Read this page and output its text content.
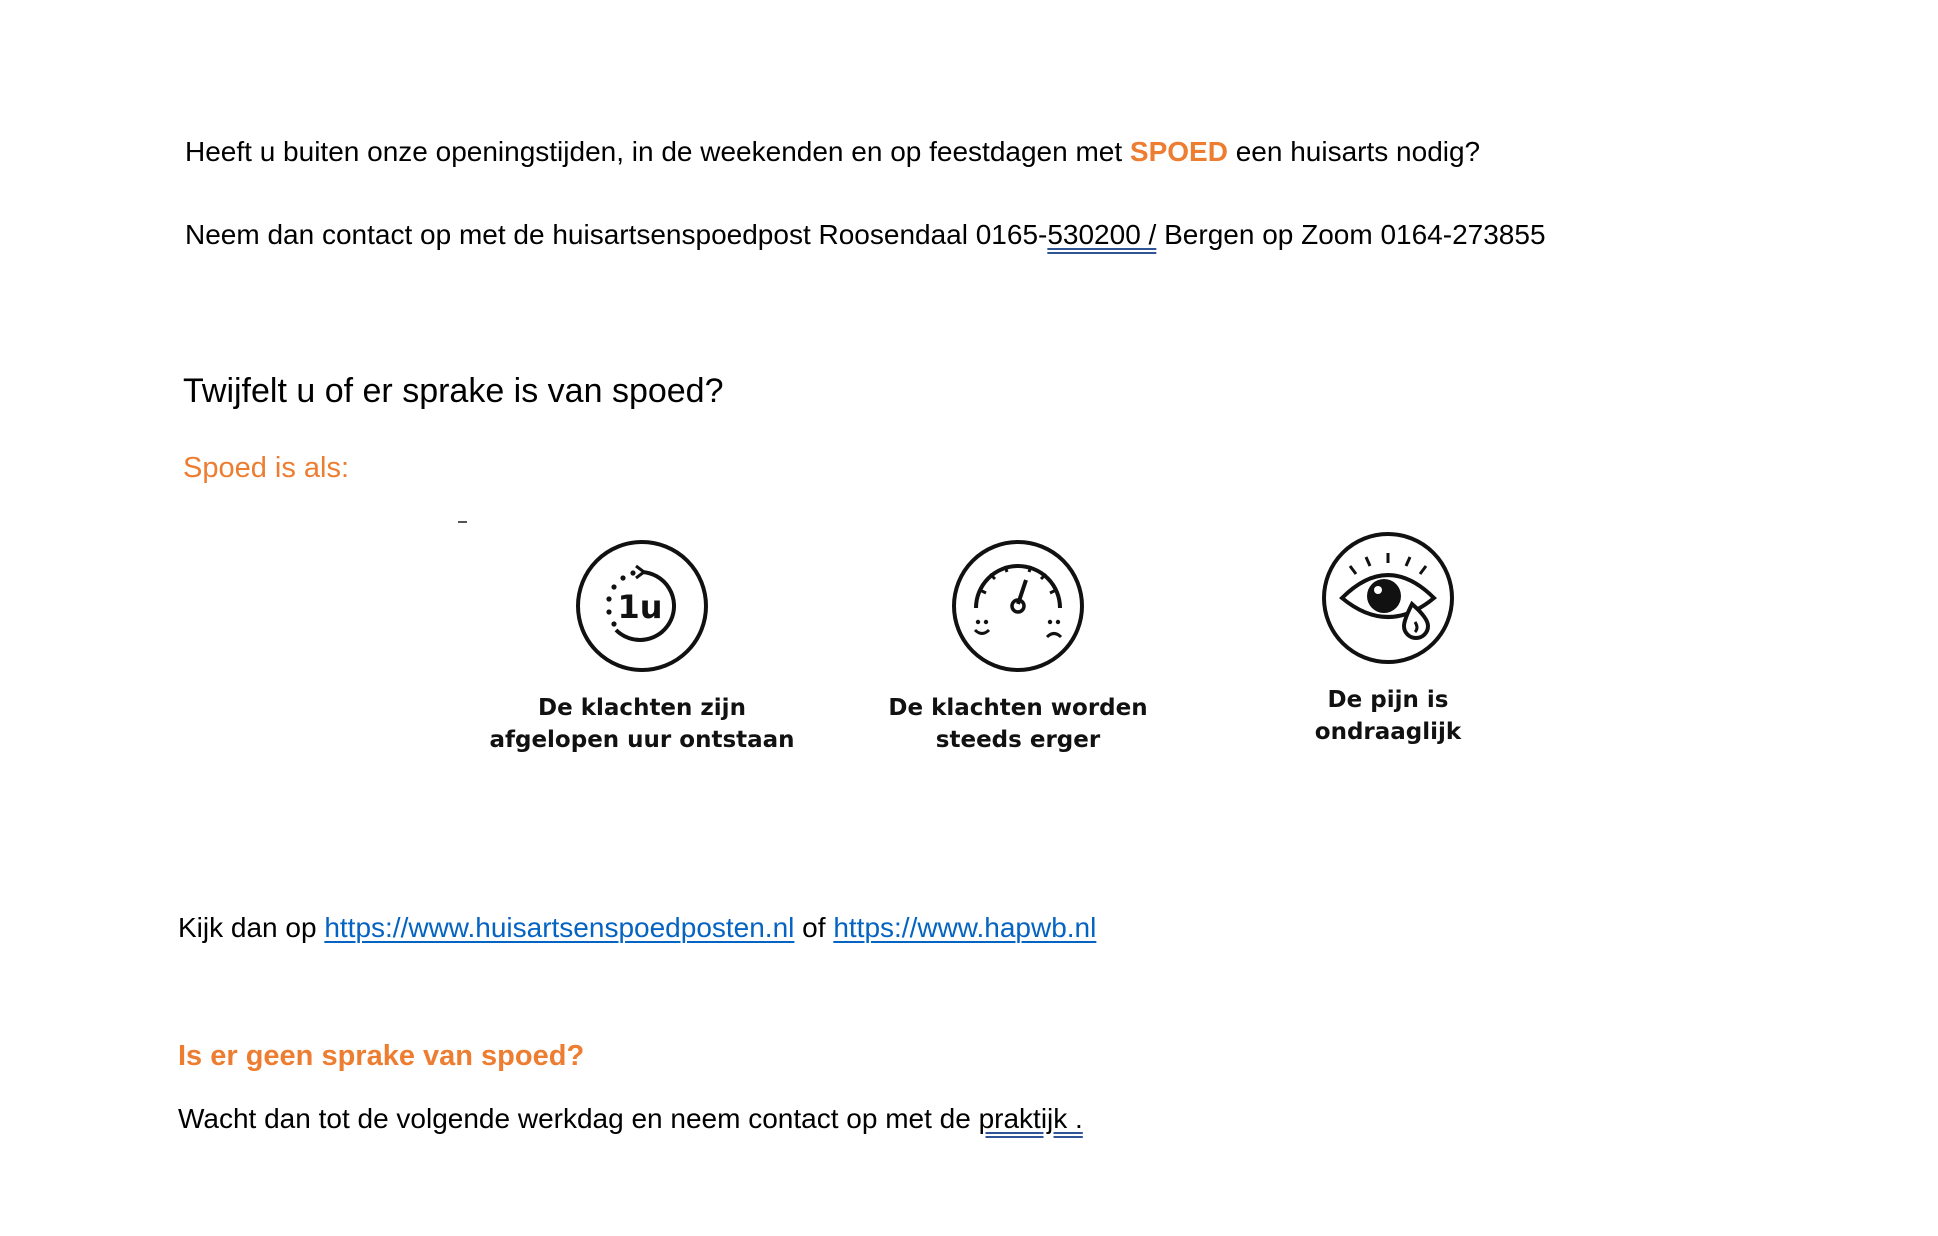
Heeft u buiten onze openingstijden, in de weekenden en op feestdagen met SPOED een huisarts nodig?
Neem dan contact op met de huisartsenspoedpost Roosendaal 0165-530200 / Bergen op Zoom 0164-273855
Twijfelt u of er sprake is van spoed?
Spoed is als:
1u
De klachten zijn
afgelopen uur ontstaan
De klachten worden
steeds erger
De pijn is
ondraaglijk
Kijk dan op https://www.huisartsenspoedposten.nl of https://www.hapwb.nl
Is er geen sprake van spoed?
Wacht dan tot de volgende werkdag en neem contact op met de praktijk .
